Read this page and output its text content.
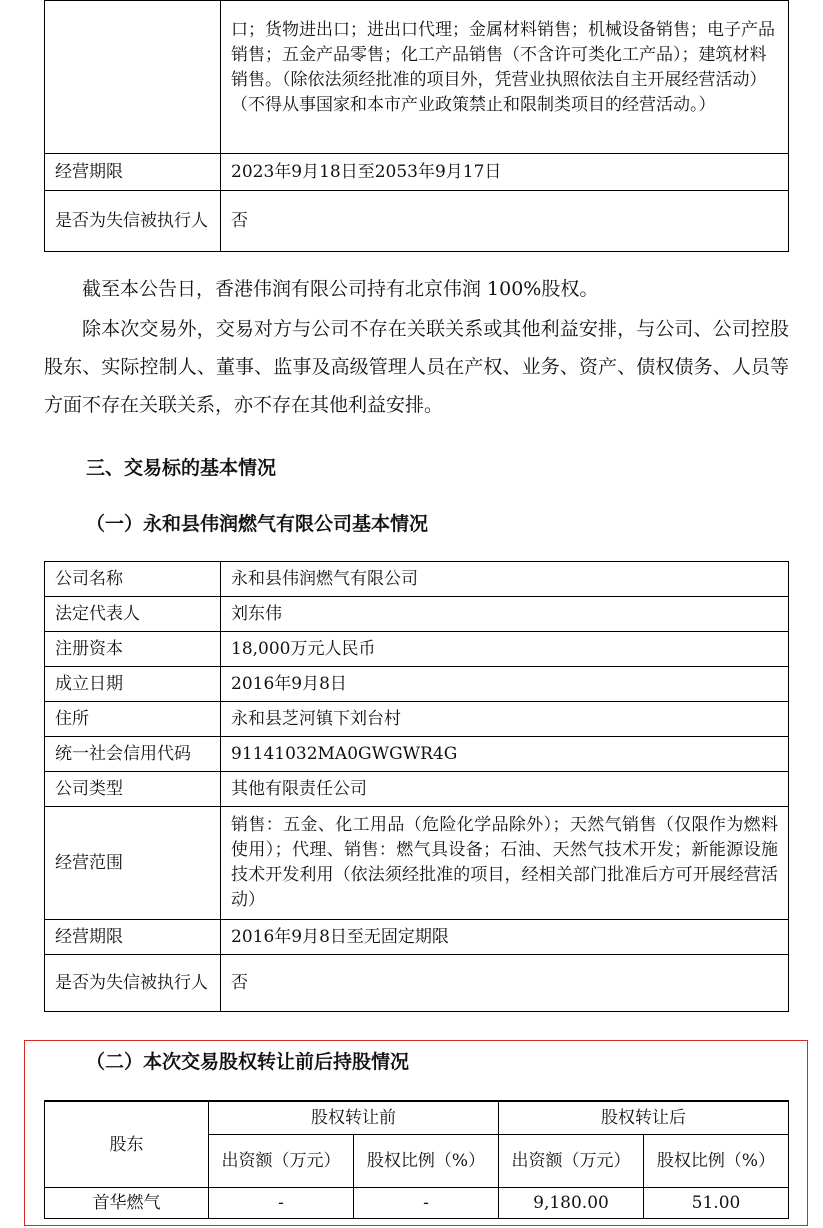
	口；货物进出口；进出口代理；金属材料销售；机械设备销售；电子产品销售；五金产品零售；化工产品销售（不含许可类化工产品）；建筑材料销售。（除依法须经批准的项目外，凭营业执照依法自主开展经营活动）（不得从事国家和本市产业政策禁止和限制类项目的经营活动。）
经营期限	2023年9月18日至2053年9月17日
是否为失信被执行人	否

截至本公告日，香港伟润有限公司持有北京伟润 100%股权。

除本次交易外，交易对方与公司不存在关联关系或其他利益安排，与公司、公司控股股东、实际控制人、董事、监事及高级管理人员在产权、业务、资产、债权债务、人员等方面不存在关联关系，亦不存在其他利益安排。

三、交易标的基本情况
（一）永和县伟润燃气有限公司基本情况
公司名称	永和县伟润燃气有限公司
法定代表人	刘东伟
注册资本	18,000万元人民币
成立日期	2016年9月8日
住所	永和县芝河镇下刘台村
统一社会信用代码	91141032MA0GWGWR4G
公司类型	其他有限责任公司
经营范围	销售：五金、化工用品（危险化学品除外）；天然气销售（仅限作为燃料使用）；代理、销售：燃气具设备；石油、天然气技术开发；新能源设施技术开发利用（依法须经批准的项目，经相关部门批准后方可开展经营活动）
经营期限	2016年9月8日至无固定期限
是否为失信被执行人	否
（二）本次交易股权转让前后持股情况
股东	股权转让前		股权转让后	
	出资额（万元）	股权比例（%）	出资额（万元）	股权比例（%）
首华燃气	-	-	9,180.00	51.00
